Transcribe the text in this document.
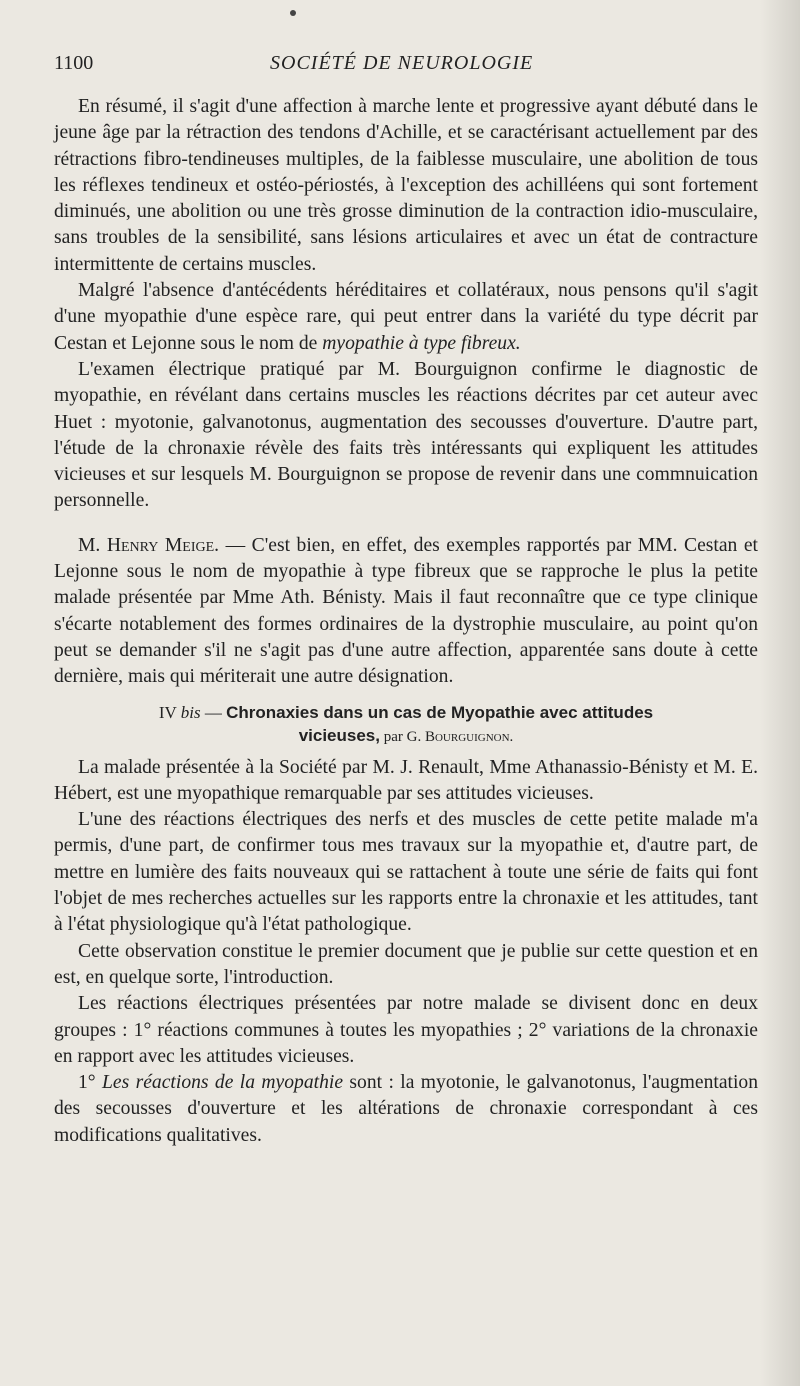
1100	SOCIÉTÉ DE NEUROLOGIE

En résumé, il s'agit d'une affection à marche lente et progressive ayant débuté dans le jeune âge par la rétraction des tendons d'Achille, et se caractérisant actuellement par des rétractions fibro-tendineuses multiples, de la faiblesse musculaire, une abolition de tous les réflexes tendineux et ostéo-périostés, à l'exception des achilléens qui sont fortement diminués, une abolition ou une très grosse diminution de la contraction idio-musculaire, sans troubles de la sensibilité, sans lésions articulaires et avec un état de contracture intermittente de certains muscles.

Malgré l'absence d'antécédents héréditaires et collatéraux, nous pensons qu'il s'agit d'une myopathie d'une espèce rare, qui peut entrer dans la variété du type décrit par Cestan et Lejonne sous le nom de myopathie à type fibreux.

L'examen électrique pratiqué par M. Bourguignon confirme le diagnostic de myopathie, en révélant dans certains muscles les réactions décrites par cet auteur avec Huet : myotonie, galvanotonus, augmentation des secousses d'ouverture. D'autre part, l'étude de la chronaxie révèle des faits très intéressants qui expliquent les attitudes vicieuses et sur lesquels M. Bourguignon se propose de revenir dans une commnuication personnelle.

M. Henry Meige. — C'est bien, en effet, des exemples rapportés par MM. Cestan et Lejonne sous le nom de myopathie à type fibreux que se rapproche le plus la petite malade présentée par Mme Ath. Bénisty. Mais il faut reconnaître que ce type clinique s'écarte notablement des formes ordinaires de la dystrophie musculaire, au point qu'on peut se demander s'il ne s'agit pas d'une autre affection, apparentée sans doute à cette dernière, mais qui mériterait une autre désignation.

IV bis — Chronaxies dans un cas de Myopathie avec attitudes
vicieuses, par G. Bourguignon.

La malade présentée à la Société par M. J. Renault, Mme Athanassio-Bénisty et M. E. Hébert, est une myopathique remarquable par ses attitudes vicieuses.

L'une des réactions électriques des nerfs et des muscles de cette petite malade m'a permis, d'une part, de confirmer tous mes travaux sur la myopathie et, d'autre part, de mettre en lumière des faits nouveaux qui se rattachent à toute une série de faits qui font l'objet de mes recherches actuelles sur les rapports entre la chronaxie et les attitudes, tant à l'état physiologique qu'à l'état pathologique.

Cette observation constitue le premier document que je publie sur cette question et en est, en quelque sorte, l'introduction.

Les réactions électriques présentées par notre malade se divisent donc en deux groupes : 1° réactions communes à toutes les myopathies ; 2° variations de la chronaxie en rapport avec les attitudes vicieuses.

1° Les réactions de la myopathie sont : la myotonie, le galvanotonus, l'augmentation des secousses d'ouverture et les altérations de chronaxie correspondant à ces modifications qualitatives.
